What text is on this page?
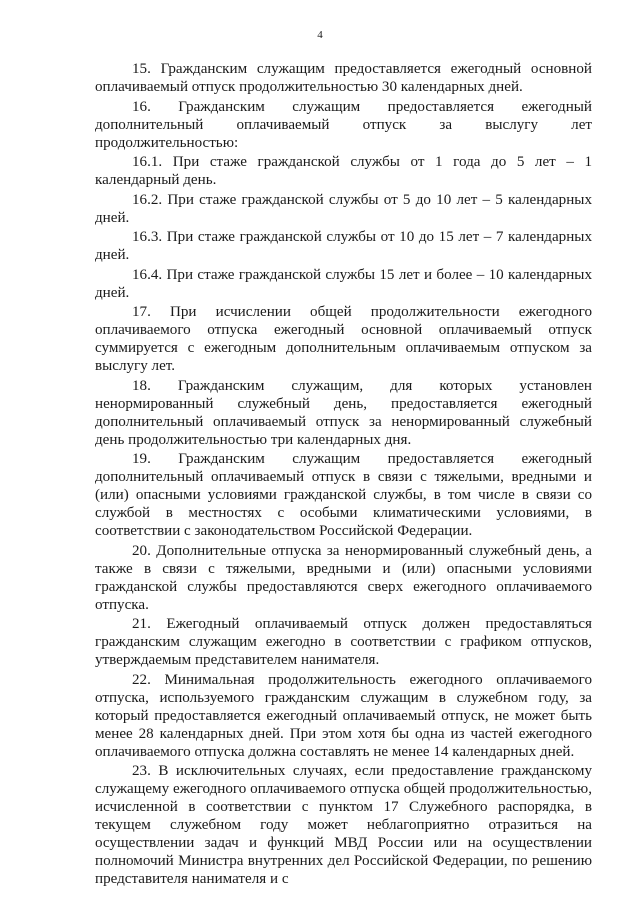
4

15. Гражданским служащим предоставляется ежегодный основной оплачиваемый отпуск продолжительностью 30 календарных дней.

16. Гражданским служащим предоставляется ежегодный дополнительный оплачиваемый отпуск за выслугу лет продолжительностью:

16.1. При стаже гражданской службы от 1 года до 5 лет – 1 календарный день.

16.2. При стаже гражданской службы от 5 до 10 лет – 5 календарных дней.

16.3. При стаже гражданской службы от 10 до 15 лет – 7 календарных дней.

16.4. При стаже гражданской службы 15 лет и более – 10 календарных дней.

17. При исчислении общей продолжительности ежегодного оплачиваемого отпуска ежегодный основной оплачиваемый отпуск суммируется с ежегодным дополнительным оплачиваемым отпуском за выслугу лет.

18. Гражданским служащим, для которых установлен ненормированный служебный день, предоставляется ежегодный дополнительный оплачиваемый отпуск за ненормированный служебный день продолжительностью три календарных дня.

19. Гражданским служащим предоставляется ежегодный дополнительный оплачиваемый отпуск в связи с тяжелыми, вредными и (или) опасными условиями гражданской службы, в том числе в связи со службой в местностях с особыми климатическими условиями, в соответствии с законодательством Российской Федерации.

20. Дополнительные отпуска за ненормированный служебный день, а также в связи с тяжелыми, вредными и (или) опасными условиями гражданской службы предоставляются сверх ежегодного оплачиваемого отпуска.

21. Ежегодный оплачиваемый отпуск должен предоставляться гражданским служащим ежегодно в соответствии с графиком отпусков, утверждаемым представителем нанимателя.

22. Минимальная продолжительность ежегодного оплачиваемого отпуска, используемого гражданским служащим в служебном году, за который предоставляется ежегодный оплачиваемый отпуск, не может быть менее 28 календарных дней. При этом хотя бы одна из частей ежегодного оплачиваемого отпуска должна составлять не менее 14 календарных дней.

23. В исключительных случаях, если предоставление гражданскому служащему ежегодного оплачиваемого отпуска общей продолжительностью, исчисленной в соответствии с пунктом 17 Служебного распорядка, в текущем служебном году может неблагоприятно отразиться на осуществлении задач и функций МВД России или на осуществлении полномочий Министра внутренних дел Российской Федерации, по решению представителя нанимателя и с
